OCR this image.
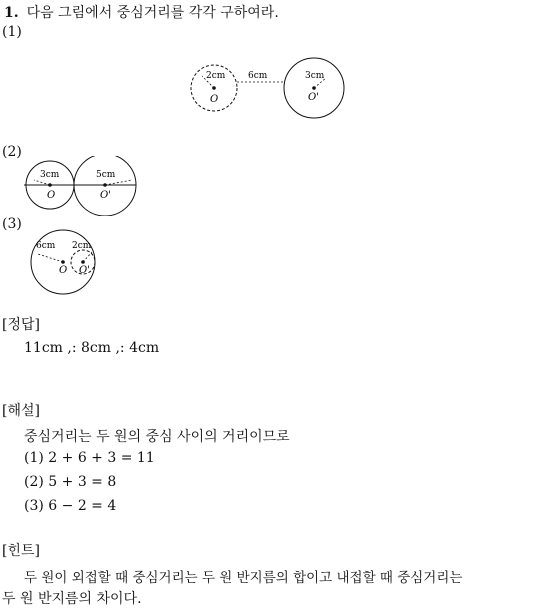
1. 다음 그림에서 중심거리를 각각 구하여라.
(1)
2cm	6cm	3cm
O	O'
(2)
3cm	5cm
O	O'
(3)
6cm 2cm
O O'
[정답]
11cm ,: 8cm ,: 4cm
[해설]
중심거리는 두 원의 중심 사이의 거리이므로
(1) 2 + 6 + 3 = 11
(2) 5 + 3 = 8
(3) 6 − 2 = 4
[힌트]
두 원이 외접할 때 중심거리는 두 원 반지름의 합이고 내접할 때 중심거리는
두 원 반지름의 차이다.
